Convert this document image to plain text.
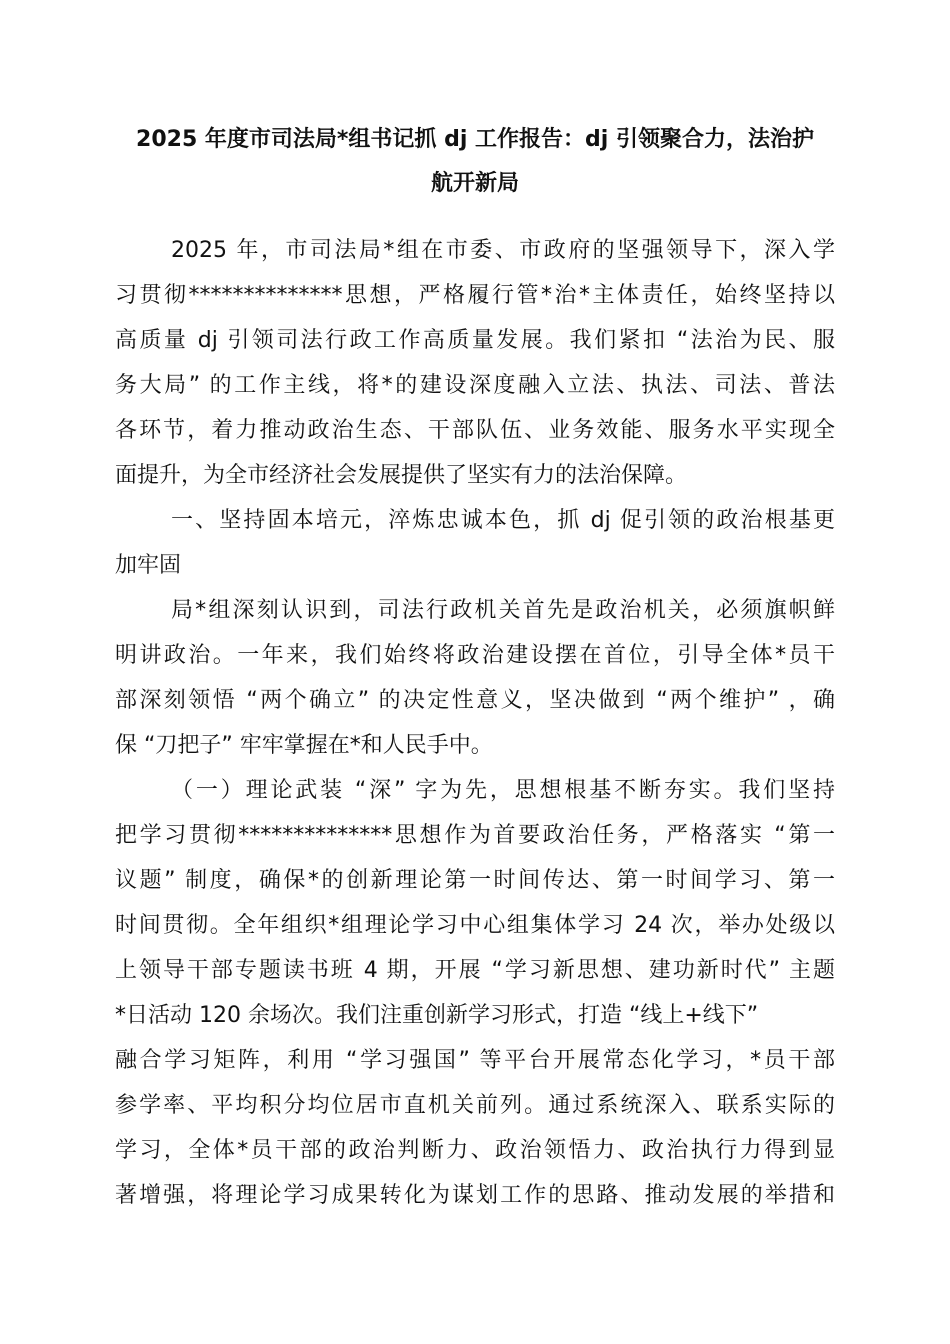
2025 年度市司法局*组书记抓 dj 工作报告：dj 引领聚合力，法治护
航开新局
2025 年，市司法局*组在市委、市政府的坚强领导下，深入学
习贯彻**************思想，严格履行管*治*主体责任，始终坚持以
高质量 dj 引领司法行政工作高质量发展。我们紧扣 “法治为民、服
务大局” 的工作主线，将*的建设深度融入立法、执法、司法、普法
各环节，着力推动政治生态、干部队伍、业务效能、服务水平实现全
面提升，为全市经济社会发展提供了坚实有力的法治保障。
一、坚持固本培元，淬炼忠诚本色，抓 dj 促引领的政治根基更
加牢固
局*组深刻认识到，司法行政机关首先是政治机关，必须旗帜鲜
明讲政治。一年来，我们始终将政治建设摆在首位，引导全体*员干
部深刻领悟 “两个确立” 的决定性意义，坚决做到 “两个维护” ，确
保 “刀把子” 牢牢掌握在*和人民手中。
（一）理论武装 “深” 字为先，思想根基不断夯实。我们坚持
把学习贯彻**************思想作为首要政治任务，严格落实 “第一
议题” 制度，确保*的创新理论第一时间传达、第一时间学习、第一
时间贯彻。全年组织*组理论学习中心组集体学习 24 次，举办处级以
上领导干部专题读书班 4 期，开展 “学习新思想、建功新时代” 主题
*日活动 120 余场次。我们注重创新学习形式，打造 “线上+线下”
融合学习矩阵，利用 “学习强国” 等平台开展常态化学习，*员干部
参学率、平均积分均位居市直机关前列。通过系统深入、联系实际的
学习，全体*员干部的政治判断力、政治领悟力、政治执行力得到显
著增强，将理论学习成果转化为谋划工作的思路、推动发展的举措和
